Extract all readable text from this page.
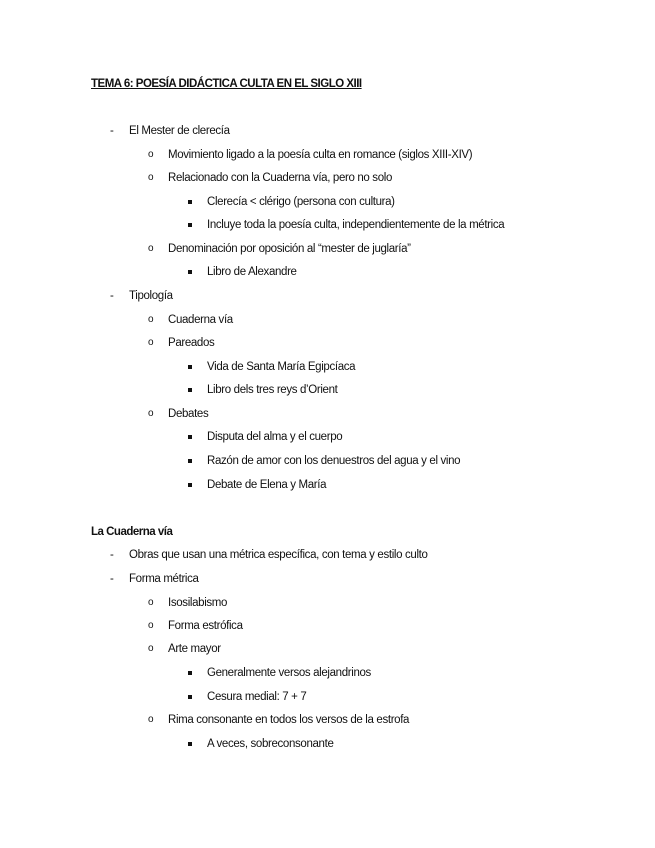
TEMA 6: POESÍA DIDÁCTICA CULTA EN EL SIGLO XIII
- El Mester de clerecía
o Movimiento ligado a la poesía culta en romance (siglos XIII-XIV)
o Relacionado con la Cuaderna vía, pero no solo
Clerecía < clérigo (persona con cultura)
Incluye toda la poesía culta, independientemente de la métrica
o Denominación por oposición al “mester de juglaría”
Libro de Alexandre
- Tipología
o Cuaderna vía
o Pareados
Vida de Santa María Egipcíaca
Libro dels tres reys d’Orient
o Debates
Disputa del alma y el cuerpo
Razón de amor con los denuestros del agua y el vino
Debate de Elena y María
La Cuaderna vía
- Obras que usan una métrica específica, con tema y estilo culto
- Forma métrica
o Isosilabismo
o Forma estrófica
o Arte mayor
Generalmente versos alejandrinos
Cesura medial: 7 + 7
o Rima consonante en todos los versos de la estrofa
A veces, sobreconsonante
